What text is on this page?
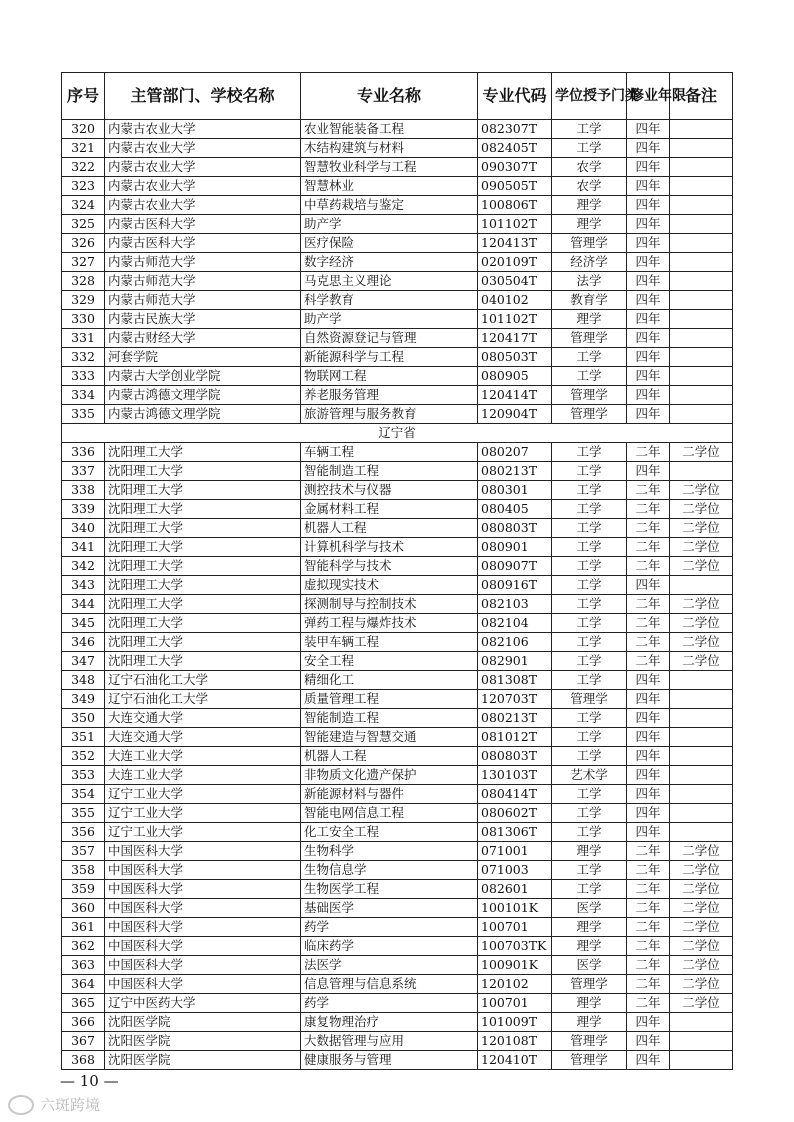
序号	主管部门、学校名称	专业名称	专业代码	学位授予门类	修业年限	备注
320	内蒙古农业大学	农业智能装备工程	082307T	工学	四年	
321	内蒙古农业大学	木结构建筑与材料	082405T	工学	四年	
322	内蒙古农业大学	智慧牧业科学与工程	090307T	农学	四年	
323	内蒙古农业大学	智慧林业	090505T	农学	四年	
324	内蒙古农业大学	中草药栽培与鉴定	100806T	理学	四年	
325	内蒙古医科大学	助产学	101102T	理学	四年	
326	内蒙古医科大学	医疗保险	120413T	管理学	四年	
327	内蒙古师范大学	数字经济	020109T	经济学	四年	
328	内蒙古师范大学	马克思主义理论	030504T	法学	四年	
329	内蒙古师范大学	科学教育	040102	教育学	四年	
330	内蒙古民族大学	助产学	101102T	理学	四年	
331	内蒙古财经大学	自然资源登记与管理	120417T	管理学	四年	
332	河套学院	新能源科学与工程	080503T	工学	四年	
333	内蒙古大学创业学院	物联网工程	080905	工学	四年	
334	内蒙古鸿德文理学院	养老服务管理	120414T	管理学	四年	
335	内蒙古鸿德文理学院	旅游管理与服务教育	120904T	管理学	四年	
辽宁省						
336	沈阳理工大学	车辆工程	080207	工学	二年	二学位
337	沈阳理工大学	智能制造工程	080213T	工学	四年	
338	沈阳理工大学	测控技术与仪器	080301	工学	二年	二学位
339	沈阳理工大学	金属材料工程	080405	工学	二年	二学位
340	沈阳理工大学	机器人工程	080803T	工学	二年	二学位
341	沈阳理工大学	计算机科学与技术	080901	工学	二年	二学位
342	沈阳理工大学	智能科学与技术	080907T	工学	二年	二学位
343	沈阳理工大学	虚拟现实技术	080916T	工学	四年	
344	沈阳理工大学	探测制导与控制技术	082103	工学	二年	二学位
345	沈阳理工大学	弹药工程与爆炸技术	082104	工学	二年	二学位
346	沈阳理工大学	装甲车辆工程	082106	工学	二年	二学位
347	沈阳理工大学	安全工程	082901	工学	二年	二学位
348	辽宁石油化工大学	精细化工	081308T	工学	四年	
349	辽宁石油化工大学	质量管理工程	120703T	管理学	四年	
350	大连交通大学	智能制造工程	080213T	工学	四年	
351	大连交通大学	智能建造与智慧交通	081012T	工学	四年	
352	大连工业大学	机器人工程	080803T	工学	四年	
353	大连工业大学	非物质文化遗产保护	130103T	艺术学	四年	
354	辽宁工业大学	新能源材料与器件	080414T	工学	四年	
355	辽宁工业大学	智能电网信息工程	080602T	工学	四年	
356	辽宁工业大学	化工安全工程	081306T	工学	四年	
357	中国医科大学	生物科学	071001	理学	二年	二学位
358	中国医科大学	生物信息学	071003	工学	二年	二学位
359	中国医科大学	生物医学工程	082601	工学	二年	二学位
360	中国医科大学	基础医学	100101K	医学	二年	二学位
361	中国医科大学	药学	100701	理学	二年	二学位
362	中国医科大学	临床药学	100703TK	理学	二年	二学位
363	中国医科大学	法医学	100901K	医学	二年	二学位
364	中国医科大学	信息管理与信息系统	120102	管理学	二年	二学位
365	辽宁中医药大学	药学	100701	理学	二年	二学位
366	沈阳医学院	康复物理治疗	101009T	理学	四年	
367	沈阳医学院	大数据管理与应用	120108T	管理学	四年	
368	沈阳医学院	健康服务与管理	120410T	管理学	四年	
— 10 —
六斑跨境
